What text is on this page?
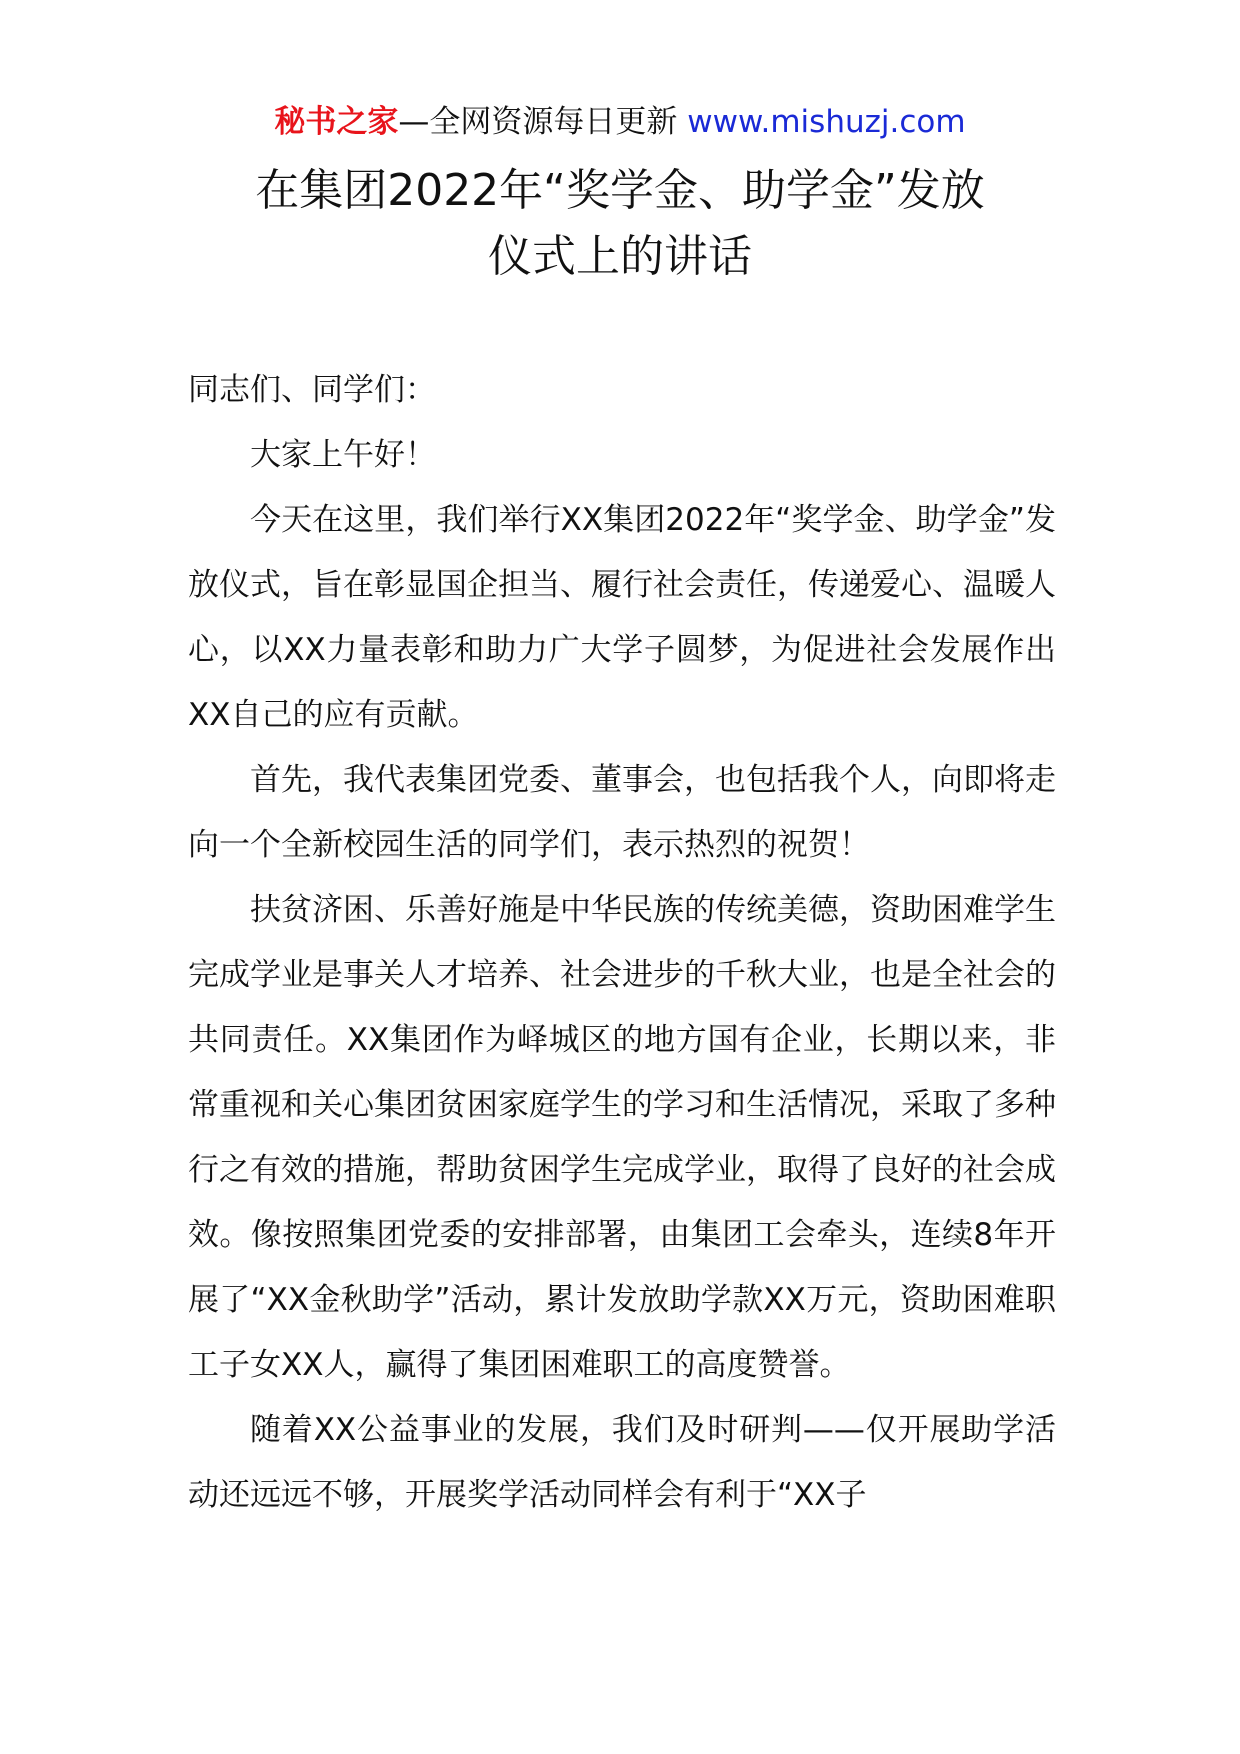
秘书之家—全网资源每日更新 www.mishuzj.com
在集团2022年“奖学金、助学金”发放
仪式上的讲话

同志们、同学们：

大家上午好！

今天在这里，我们举行XX集团2022年“奖学金、助学金”发放仪式，旨在彰显国企担当、履行社会责任，传递爱心、温暖人心，以XX力量表彰和助力广大学子圆梦，为促进社会发展作出XX自己的应有贡献。

首先，我代表集团党委、董事会，也包括我个人，向即将走向一个全新校园生活的同学们，表示热烈的祝贺！

扶贫济困、乐善好施是中华民族的传统美德，资助困难学生完成学业是事关人才培养、社会进步的千秋大业，也是全社会的共同责任。XX集团作为峄城区的地方国有企业，长期以来，非常重视和关心集团贫困家庭学生的学习和生活情况，采取了多种行之有效的措施，帮助贫困学生完成学业，取得了良好的社会成效。像按照集团党委的安排部署，由集团工会牵头，连续8年开展了“XX金秋助学”活动，累计发放助学款XX万元，资助困难职工子女XX人，赢得了集团困难职工的高度赞誉。

随着XX公益事业的发展，我们及时研判——仅开展助学活动还远远不够，开展奖学活动同样会有利于“XX子
